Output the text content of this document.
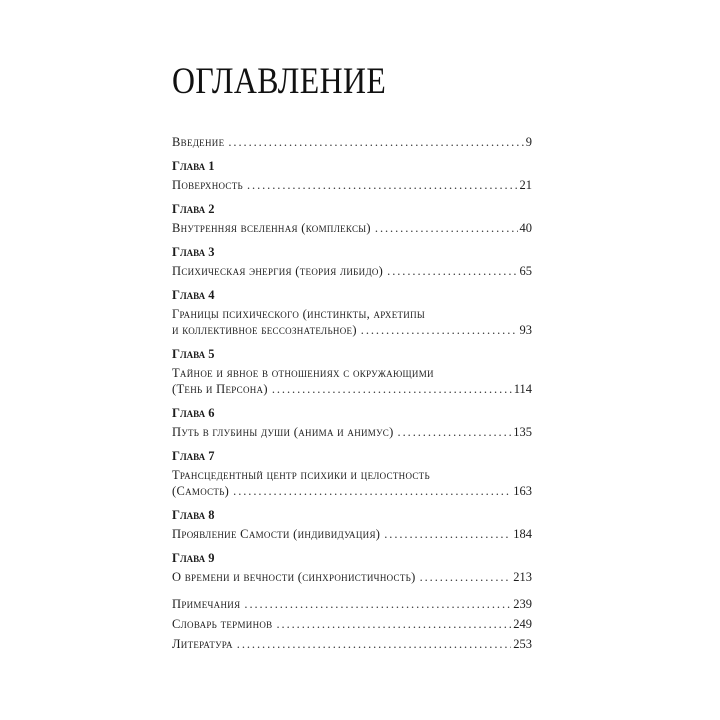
ОГЛАВЛЕНИЕ
Введение . . .	9
Глава 1
Поверхность . . .	21
Глава 2
Внутренняя вселенная (комплексы) . . .	40
Глава 3
Психическая энергия (теория либидо) . . .	65
Глава 4
Границы психического (инстинкты, архетипы
и коллективное бессознательное) . . .	93
Глава 5
Тайное и явное в отношениях с окружающими
(Тень и Персона) . . .	114
Глава 6
Путь в глубины души (анима и анимус) . . .	135
Глава 7
Трансцедентный центр психики и целостность
(Самость) . . .	163
Глава 8
Проявление Самости (индивидуация) . . .	184
Глава 9
О времени и вечности (синхронистичность) . . .	213
Примечания . . .	239
Словарь терминов . . .	249
Литература . . .	253
